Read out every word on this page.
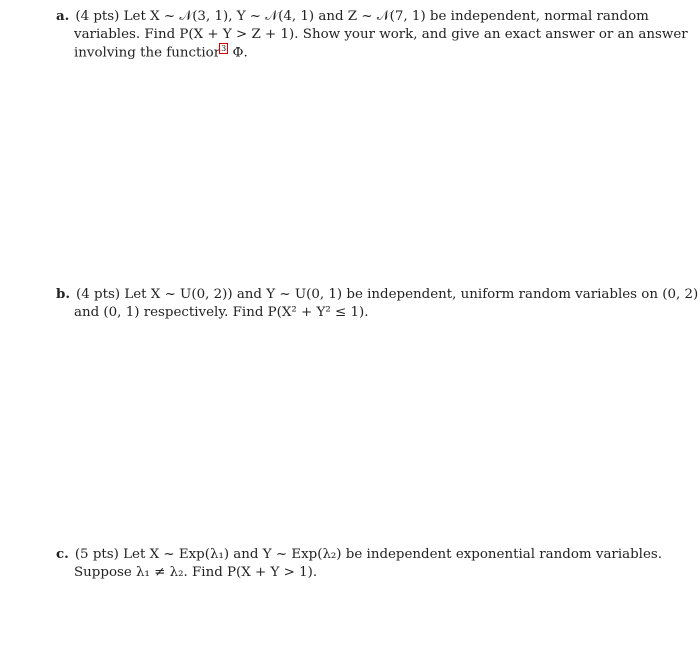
a. (4 pts) Let X ~ 𝒩(3, 1), Y ~ 𝒩(4, 1) and Z ~ 𝒩(7, 1) be independent, normal random
variables. Find P(X + Y > Z + 1). Show your work, and give an exact answer or an answer
involving the functior3 Φ.
b. (4 pts) Let X ~ U(0, 2)) and Y ~ U(0, 1) be independent, uniform random variables on (0, 2)
and (0, 1) respectively. Find P(X² + Y² ≤ 1).
c. (5 pts) Let X ~ Exp(λ₁) and Y ~ Exp(λ₂) be independent exponential random variables.
Suppose λ₁ ≠ λ₂. Find P(X + Y > 1).
